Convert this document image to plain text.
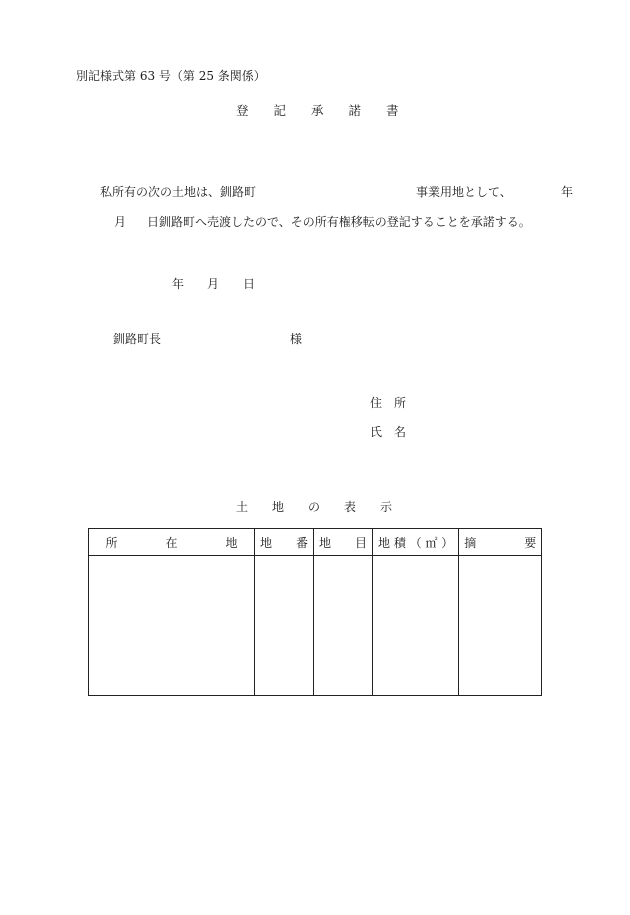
別記様式第 63 号（第 25 条関係）
登　　記　　承　　諾　　書
私所有の次の土地は、釧路町	事業用地として、	年
月 日釧路町へ売渡したので、その所有権移転の登記することを承諾する。
年 月 日
釧路町長	様
住　所
氏　名
土　　地　　の　　表　　示
所　　　　在　　　　地	地　　番	地　　目	地 積 （ ㎡ ）	摘　　　　要
